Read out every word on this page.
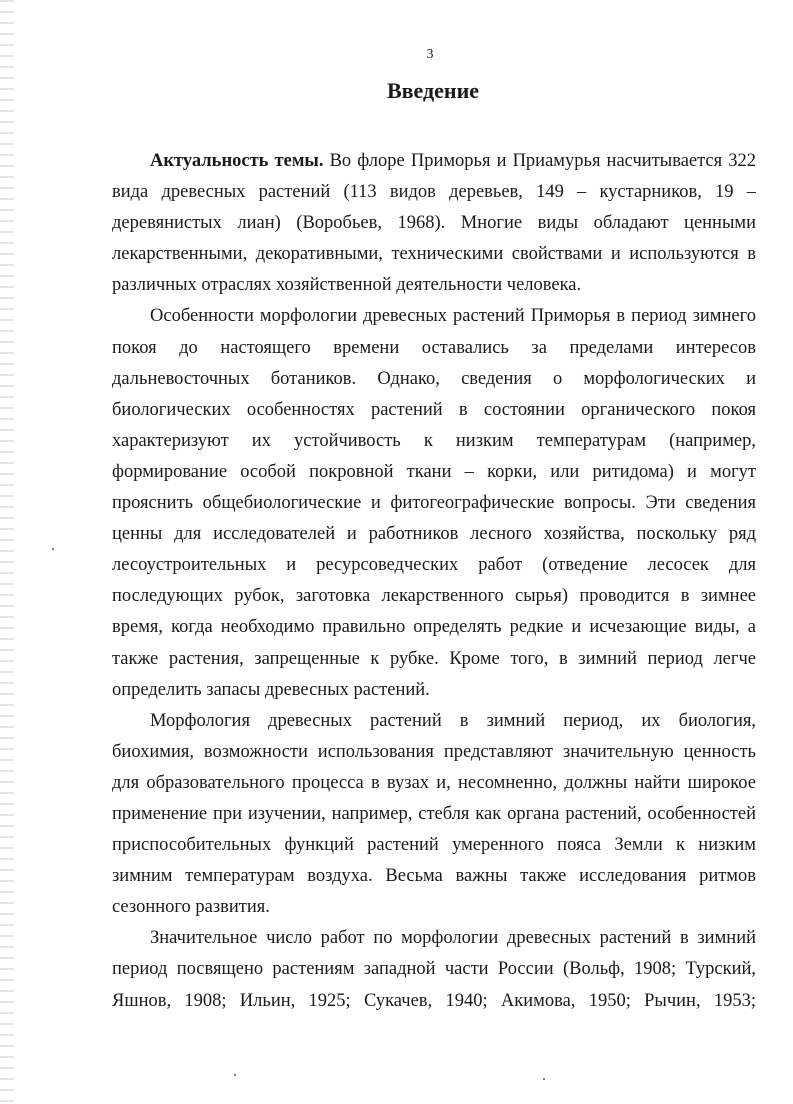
3
Введение

Актуальность темы. Во флоре Приморья и Приамурья насчитывается 322
вида древесных растений (113 видов деревьев, 149 – кустарников, 19 –
деревянистых лиан) (Воробьев, 1968). Многие виды обладают ценными
лекарственными, декоративными, техническими свойствами и используются в
различных отраслях хозяйственной деятельности человека.

Особенности морфологии древесных растений Приморья в период зимнего
покоя до настоящего времени оставались за пределами интересов
дальневосточных ботаников. Однако, сведения о морфологических и
биологических особенностях растений в состоянии органического покоя
характеризуют их устойчивость к низким температурам (например,
формирование особой покровной ткани – корки, или ритидома) и могут
прояснить общебиологические и фитогеографические вопросы. Эти сведения
ценны для исследователей и работников лесного хозяйства, поскольку ряд
лесоустроительных и ресурсоведческих работ (отведение лесосек для
последующих рубок, заготовка лекарственного сырья) проводится в зимнее
время, когда необходимо правильно определять редкие и исчезающие виды, а
также растения, запрещенные к рубке. Кроме того, в зимний период легче
определить запасы древесных растений.

Морфология древесных растений в зимний период, их биология,
биохимия, возможности использования представляют значительную ценность
для образовательного процесса в вузах и, несомненно, должны найти широкое
применение при изучении, например, стебля как органа растений, особенностей
приспособительных функций растений умеренного пояса Земли к низким
зимним температурам воздуха. Весьма важны также исследования ритмов
сезонного развития.

Значительное число работ по морфологии древесных растений в зимний
период посвящено растениям западной части России (Вольф, 1908; Турский,
Яшнов, 1908; Ильин, 1925; Сукачев, 1940; Акимова, 1950; Рычин, 1953;
